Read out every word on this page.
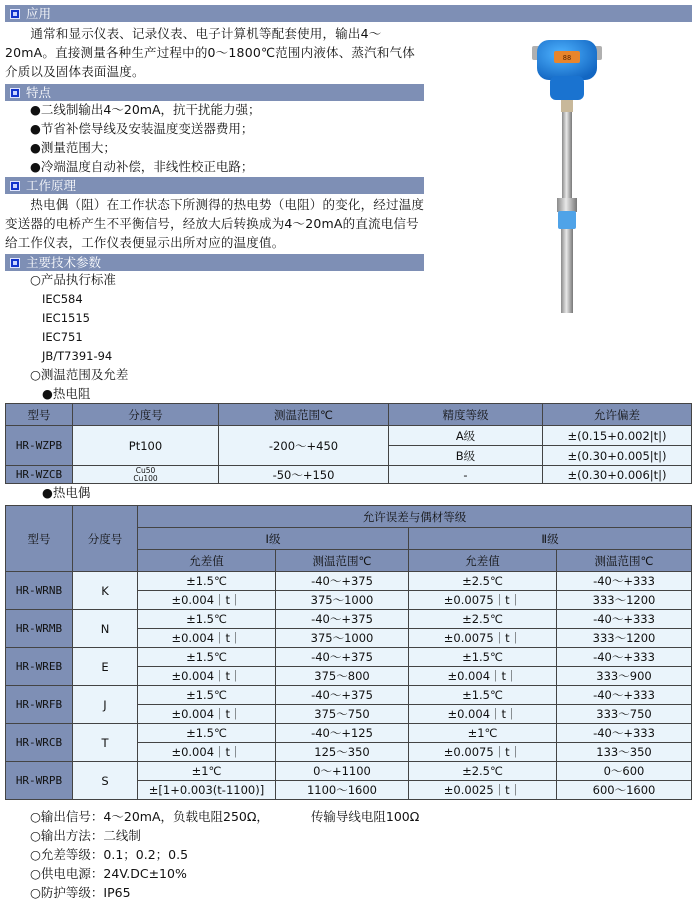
应用
　　通常和显示仪表、记录仪表、电子计算机等配套使用，输出4～20mA。直接测量各种生产过程中的0～1800℃范围内液体、蒸汽和气体介质以及固体表面温度。
特点
●二线制输出4～20mA，抗干扰能力强；
●节省补偿导线及安装温度变送器费用；
●测量范围大；
●冷端温度自动补偿，非线性校正电路；
工作原理
　　热电偶（阻）在工作状态下所测得的热电势（电阻）的变化，经过温度变送器的电桥产生不平衡信号，经放大后转换成为4～20mA的直流电信号给工作仪表，工作仪表便显示出所对应的温度值。
主要技术参数
○产品执行标准
IEC584
IEC1515
IEC751
JB/T7391-94
○测温范围及允差
●热电阻
88
型号	分度号	测温范围℃	精度等级	允许偏差
HR-WZPB	Pt100	-200～+450	A级	±(0.15+0.002|t|)
			B级	±(0.30+0.005|t|)
HR-WZCB	Cu50
Cu100	-50～+150	-	±(0.30+0.006|t|)
●热电偶
型号	分度号	允许误差与偶材等级			
		Ⅰ级		Ⅱ级	
		允差值	测温范围℃	允差值	测温范围℃
HR-WRNB	K	±1.5℃	-40～+375	±2.5℃	-40～+333
		±0.004｜t｜	375～1000	±0.0075｜t｜	333～1200
HR-WRMB	N	±1.5℃	-40～+375	±2.5℃	-40～+333
		±0.004｜t｜	375～1000	±0.0075｜t｜	333～1200
HR-WREB	E	±1.5℃	-40～+375	±1.5℃	-40～+333
		±0.004｜t｜	375～800	±0.004｜t｜	333～900
HR-WRFB	J	±1.5℃	-40～+375	±1.5℃	-40～+333
		±0.004｜t｜	375～750	±0.004｜t｜	333～750
HR-WRCB	T	±1.5℃	-40～+125	±1℃	-40～+333
		±0.004｜t｜	125～350	±0.0075｜t｜	133～350
HR-WRPB	S	±1℃	0～+1100	±2.5℃	0～600
		±[1+0.003(t-1100)]	1100～1600	±0.0025｜t｜	600～1600
○输出信号：4～20mA，负载电阻250Ω，	传输导线电阻100Ω
○输出方法：二线制
○允差等级：0.1；0.2；0.5
○供电电源：24V.DC±10%
○防护等级：IP65
